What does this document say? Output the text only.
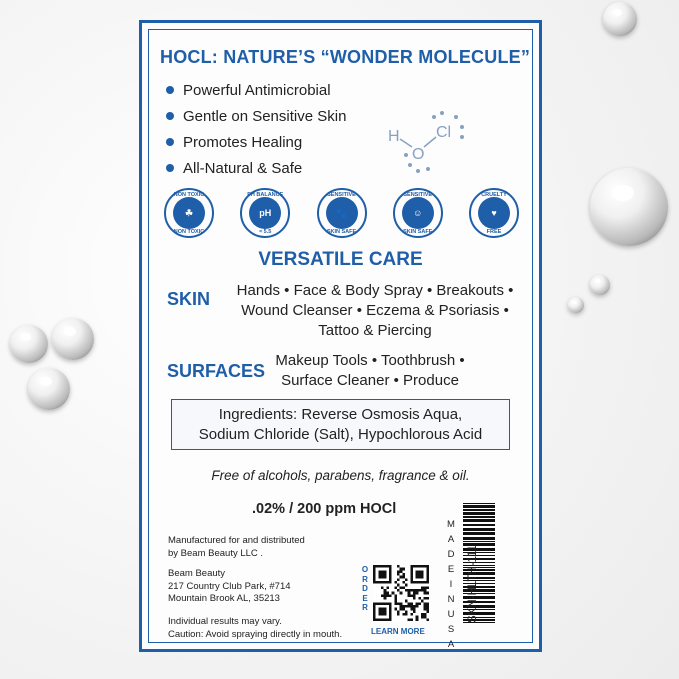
HOCL: NATURE’S “WONDER MOLECULE”
Powerful Antimicrobial
Gentle on Sensitive Skin
Promotes Healing
All-Natural & Safe
H
O
Cl
NON TOXIC
☘
NON TOXIC
PH BALANCE
pH
≈ 5.5
SENSITIVE
🐾
SKIN SAFE
SENSITIVE
☺
SKIN SAFE
CRUELTY
♥
FREE
VERSATILE CARE
SKIN	Hands • Face & Body Spray • Breakouts •
Wound Cleanser • Eczema & Psoriasis •
Tattoo & Piercing
SURFACES
Makeup Tools • Toothbrush •
Surface Cleaner • Produce
Ingredients: Reverse Osmosis Aqua,
Sodium Chloride (Salt), Hypochlorous Acid
Free of alcohols, parabens, fragrance & oil.
.02% / 200 ppm HOCl
Manufactured for and distributed
by Beam Beauty LLC .
Beam Beauty
217 Country Club Park, #714
Mountain Brook AL, 35213
Individual results may vary.
Caution: Avoid spraying directly in mouth.
O
R
D
E
R
LEARN MORE
M
A
D
E
I
N
U
S
A
SKN-HLTH-111
